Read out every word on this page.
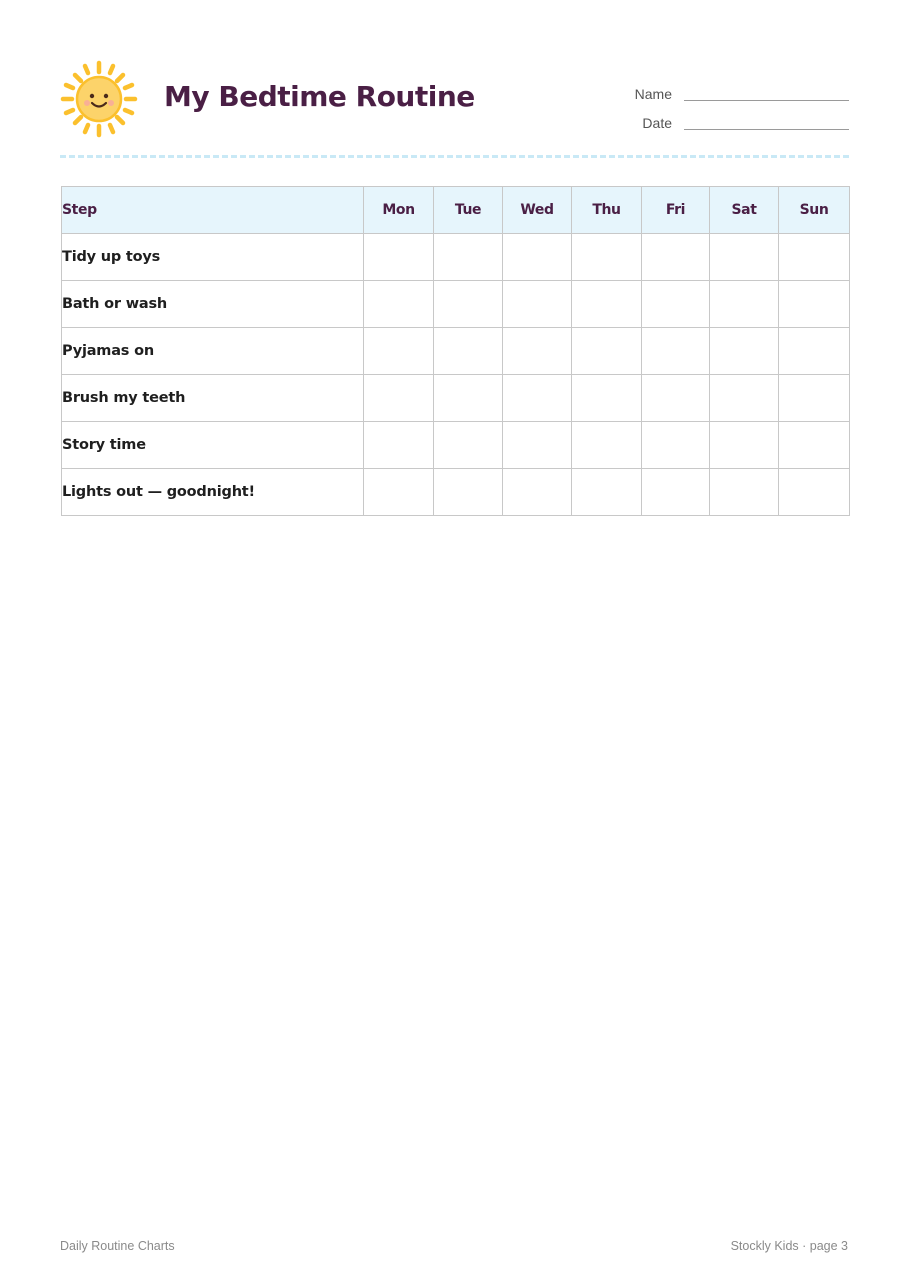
My Bedtime Routine	Name
Date
Step	Mon	Tue	Wed	Thu	Fri	Sat	Sun
Tidy up toys							
Bath or wash							
Pyjamas on							
Brush my teeth							
Story time							
Lights out — goodnight!							
Daily Routine Charts	Stockly Kids · page 3
